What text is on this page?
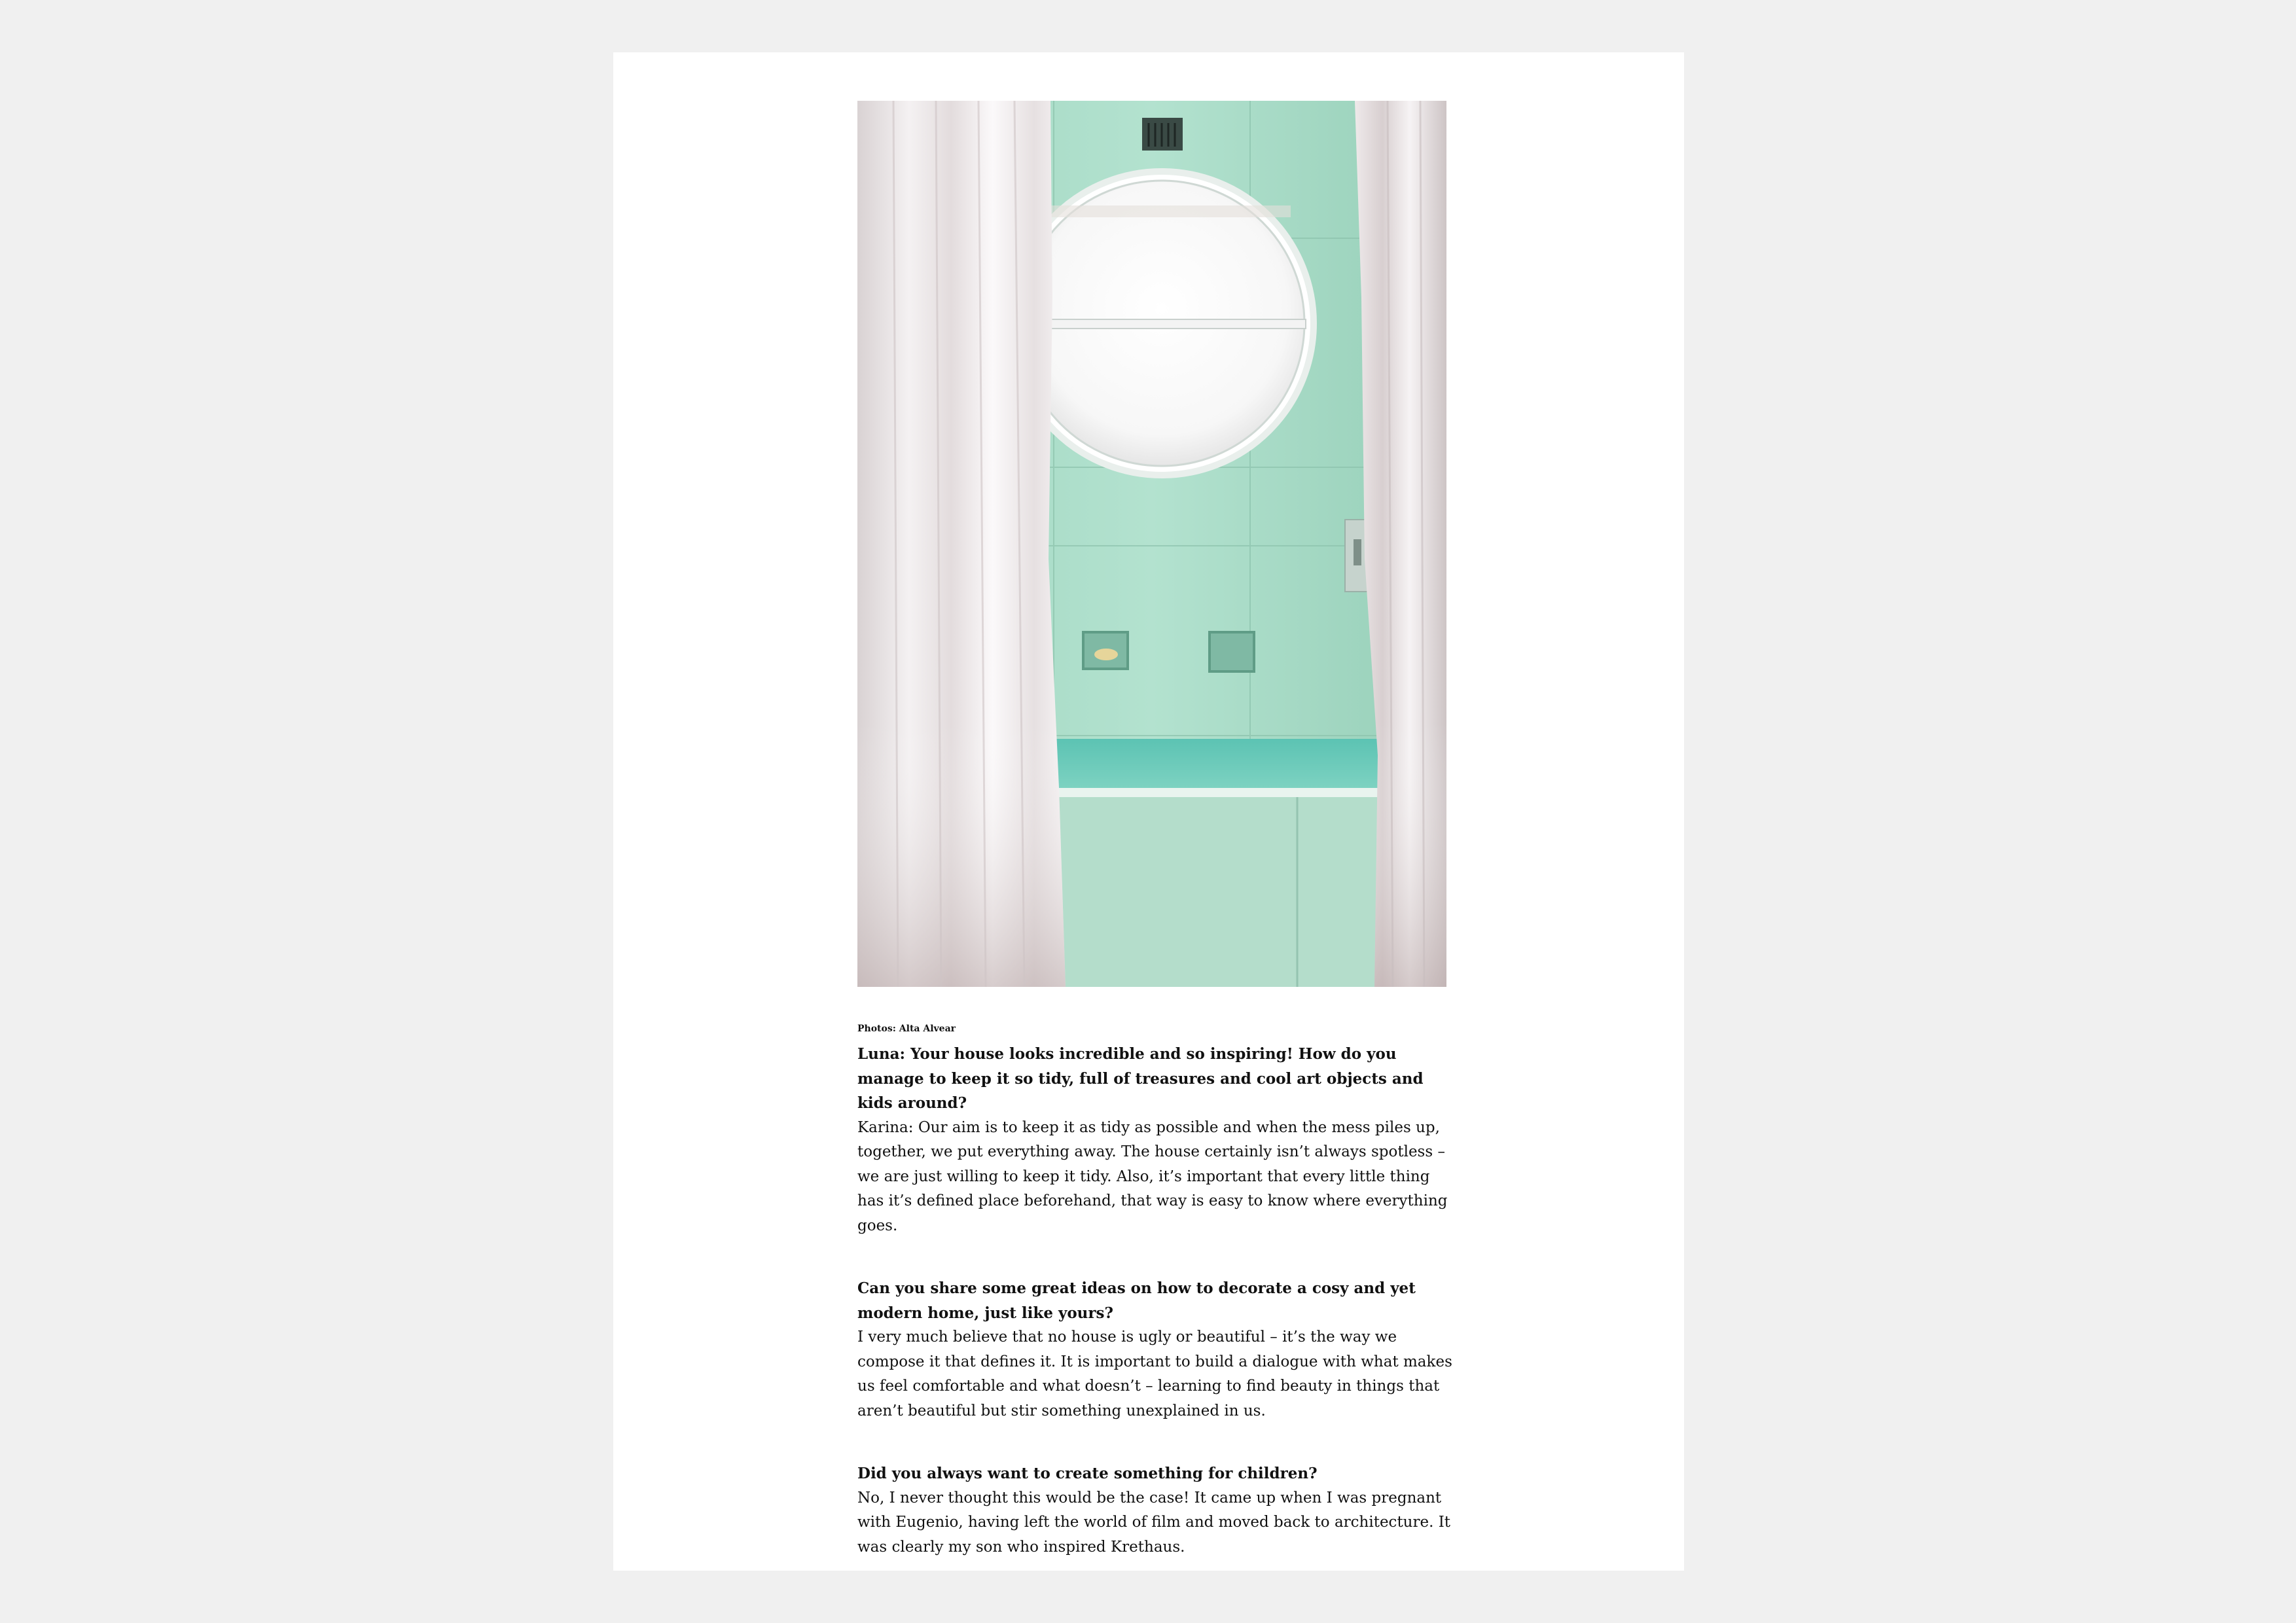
Photos: Alta Alvear

Luna: Your house looks incredible and so inspiring! How do you manage to keep it so tidy, full of treasures and cool art objects and kids around?

Karina: Our aim is to keep it as tidy as possible and when the mess piles up, together, we put everything away. The house certainly isn’t always spotless – we are just willing to keep it tidy. Also, it’s important that every little thing has it’s defined place beforehand, that way is easy to know where everything goes.

Can you share some great ideas on how to decorate a cosy and yet modern home, just like yours?

I very much believe that no house is ugly or beautiful – it’s the way we compose it that defines it. It is important to build a dialogue with what makes us feel comfortable and what doesn’t – learning to find beauty in things that aren’t beautiful but stir something unexplained in us.

Did you always want to create something for children?

No, I never thought this would be the case! It came up when I was pregnant with Eugenio, having left the world of film and moved back to architecture. It was clearly my son who inspired Krethaus.
